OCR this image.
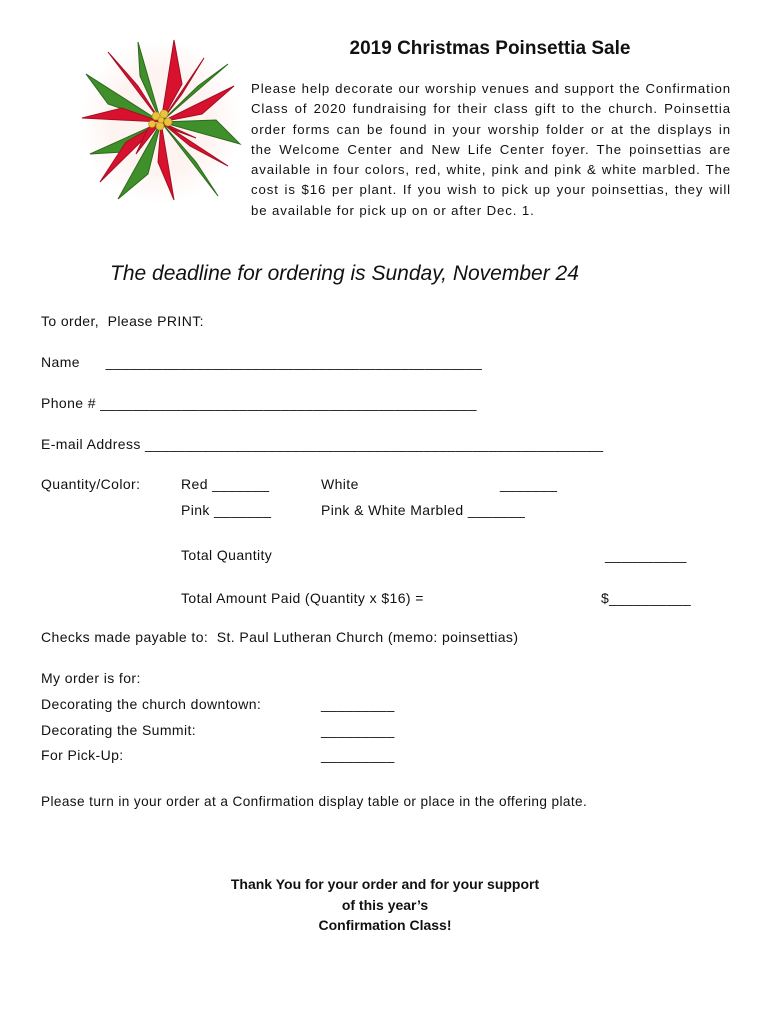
2019 Christmas Poinsettia Sale
Please help decorate our worship venues and support the Confirmation Class of 2020 fundraising for their class gift to the church. Poinsettia order forms can be found in your worship folder or at the displays in the Welcome Center and New Life Center foyer. The poinsettias are available in four colors, red, white, pink and pink & white marbled. The cost is $16 per plant. If you wish to pick up your poinsettias, they will be available for pick up on or after Dec. 1.
The deadline for ordering is Sunday, November 24
To order,  Please PRINT:
Name      ______________________________________________
Phone # ______________________________________________
E-mail Address ________________________________________________________
Quantity/Color:	Red _______	White	_______
Pink _______	Pink & White Marbled _______
Total Quantity	__________
Total Amount Paid (Quantity x $16) =	$__________
Checks made payable to:  St. Paul Lutheran Church (memo: poinsettias)
My order is for:
Decorating the church downtown:	_________
Decorating the Summit:	_________
For Pick-Up:	_________
Please turn in your order at a Confirmation display table or place in the offering plate.
Thank You for your order and for your support
of this year’s
Confirmation Class!
